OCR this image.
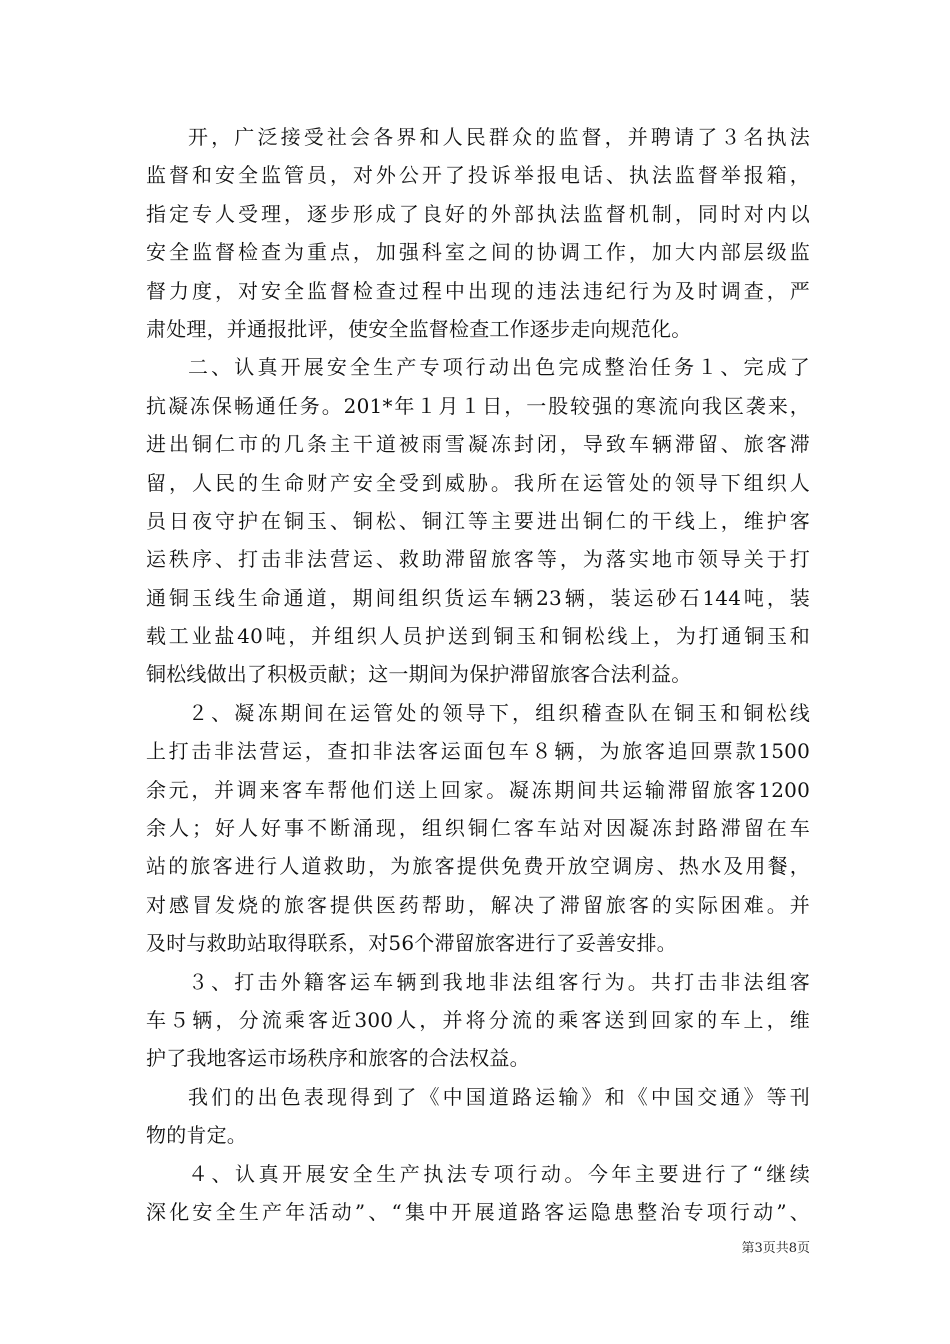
开，广泛接受社会各界和人民群众的监督，并聘请了３名执法
监督和安全监管员，对外公开了投诉举报电话、执法监督举报箱，
指定专人受理，逐步形成了良好的外部执法监督机制，同时对内以
安全监督检查为重点，加强科室之间的协调工作，加大内部层级监
督力度，对安全监督检查过程中出现的违法违纪行为及时调查，严
肃处理，并通报批评，使安全监督检查工作逐步走向规范化。
二、认真开展安全生产专项行动出色完成整治任务１、完成了
抗凝冻保畅通任务。201*年１月１日，一股较强的寒流向我区袭来，
进出铜仁市的几条主干道被雨雪凝冻封闭，导致车辆滞留、旅客滞
留，人民的生命财产安全受到威胁。我所在运管处的领导下组织人
员日夜守护在铜玉、铜松、铜江等主要进出铜仁的干线上，维护客
运秩序、打击非法营运、救助滞留旅客等，为落实地市领导关于打
通铜玉线生命通道，期间组织货运车辆23辆，装运砂石144吨，装
载工业盐40吨，并组织人员护送到铜玉和铜松线上，为打通铜玉和
铜松线做出了积极贡献；这一期间为保护滞留旅客合法利益。
２、凝冻期间在运管处的领导下，组织稽查队在铜玉和铜松线
上打击非法营运，查扣非法客运面包车８辆，为旅客追回票款1500
余元，并调来客车帮他们送上回家。凝冻期间共运输滞留旅客1200
余人；好人好事不断涌现，组织铜仁客车站对因凝冻封路滞留在车
站的旅客进行人道救助，为旅客提供免费开放空调房、热水及用餐，
对感冒发烧的旅客提供医药帮助，解决了滞留旅客的实际困难。并
及时与救助站取得联系，对56个滞留旅客进行了妥善安排。
３、打击外籍客运车辆到我地非法组客行为。共打击非法组客
车５辆，分流乘客近300人，并将分流的乘客送到回家的车上，维
护了我地客运市场秩序和旅客的合法权益。
我们的出色表现得到了《中国道路运输》和《中国交通》等刊
物的肯定。
４、认真开展安全生产执法专项行动。今年主要进行了“继续
深化安全生产年活动”、“集中开展道路客运隐患整治专项行动”、
第3页共8页
